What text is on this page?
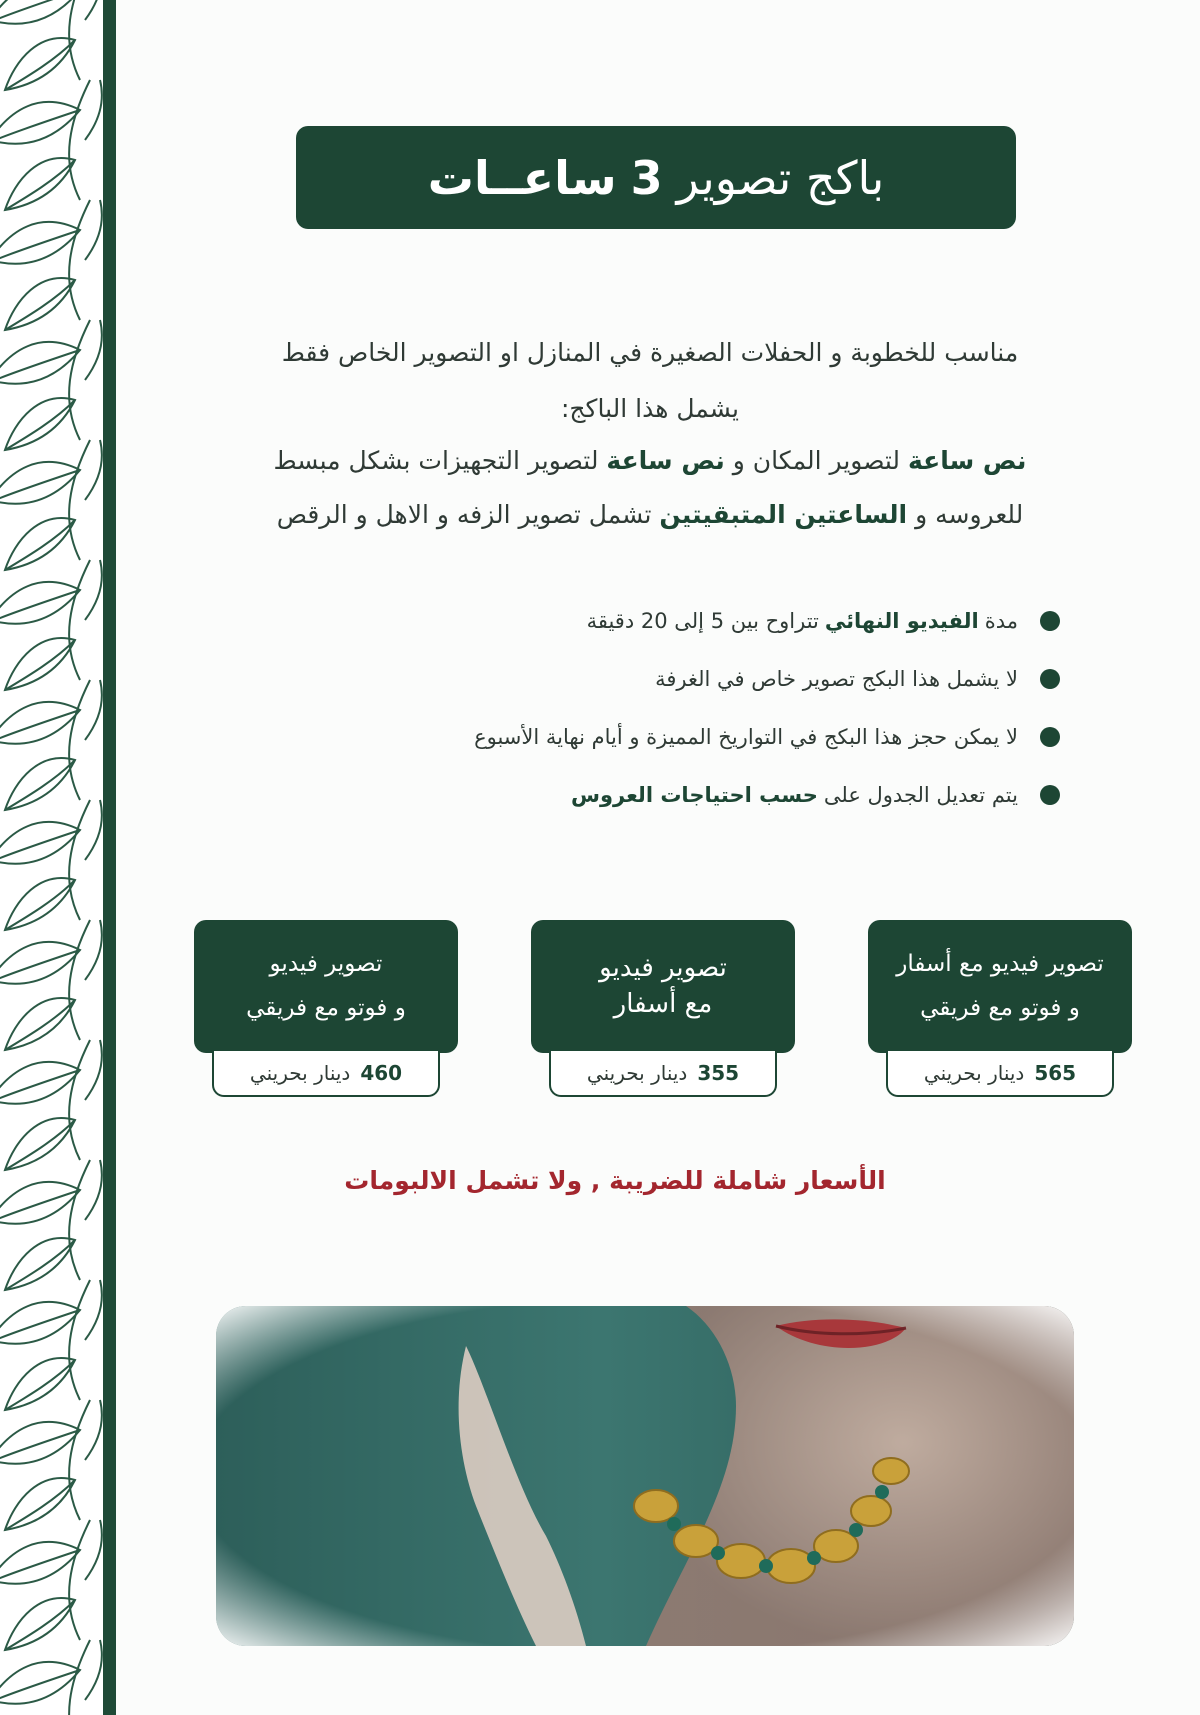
باكج تصوير
3
ساعــات
مناسب للخطوبة و الحفلات الصغيرة في المنازل او التصوير الخاص فقط
يشمل هذا الباكج:
نص ساعة لتصوير المكان و نص ساعة لتصوير التجهيزات بشكل مبسط
للعروسه و الساعتين المتبقيتين تشمل تصوير الزفه و الاهل و الرقص
مدة
الفيديو النهائي
تتراوح بين 5 إلى 20 دقيقة
لا يشمل هذا البكج تصوير خاص في الغرفة
لا يمكن حجز هذا البكج في التواريخ المميزة و أيام نهاية الأسبوع
يتم تعديل الجدول على
حسب احتياجات العروس
تصوير فيديو مع أسفار
و فوتو مع فريقي
565
دينار بحريني
تصوير فيديو
مع أسفار
355
دينار بحريني
تصوير فيديو
و فوتو مع فريقي
460
دينار بحريني
الأسعار شاملة للضريبة , ولا تشمل الالبومات
